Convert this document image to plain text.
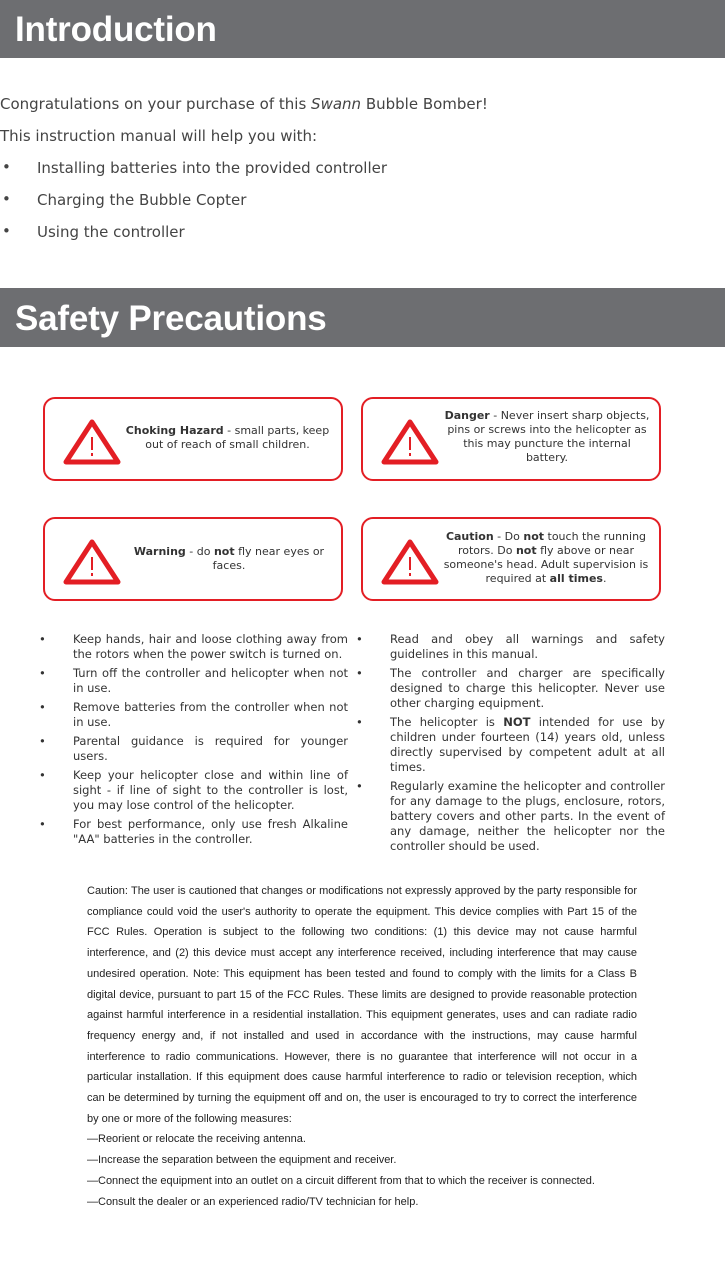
Introduction
Congratulations on your purchase of this Swann Bubble Bomber!
This instruction manual will help you with:
• Installing batteries into the provided controller
• Charging the Bubble Copter
• Using the controller
Safety Precautions
Choking Hazard - small parts, keep out of reach of small children.
Danger - Never insert sharp objects, pins or screws into the helicopter as this may puncture the internal battery.
Warning - do not fly near eyes or faces.
Caution - Do not touch the running rotors. Do not fly above or near someone's head. Adult supervision is required at all times.
• Keep hands, hair and loose clothing away from the rotors when the power switch is turned on.
• Turn off the controller and helicopter when not in use.
• Remove batteries from the controller when not in use.
• Parental guidance is required for younger users.
• Keep your helicopter close and within line of sight - if line of sight to the controller is lost, you may lose control of the helicopter.
• For best performance, only use fresh Alkaline "AA" batteries in the controller.
• Read and obey all warnings and safety guidelines in this manual.
• The controller and charger are specifically designed to charge this helicopter. Never use other charging equipment.
• The helicopter is NOT intended for use by children under fourteen (14) years old, unless directly supervised by competent adult at all times.
• Regularly examine the helicopter and controller for any damage to the plugs, enclosure, rotors, battery covers and other parts. In the event of any damage, neither the helicopter nor the controller should be used.

Caution: The user is cautioned that changes or modifications not expressly approved by the party responsible for compliance could void the user's authority to operate the equipment. This device complies with Part 15 of the FCC Rules. Operation is subject to the following two conditions: (1) this device may not cause harmful interference, and (2) this device must accept any interference received, including interference that may cause undesired operation. Note: This equipment has been tested and found to comply with the limits for a Class B digital device, pursuant to part 15 of the FCC Rules. These limits are designed to provide reasonable protection against harmful interference in a residential installation. This equipment generates, uses and can radiate radio frequency energy and, if not installed and used in accordance with the instructions, may cause harmful interference to radio communications. However, there is no guarantee that interference will not occur in a particular installation. If this equipment does cause harmful interference to radio or television reception, which can be determined by turning the equipment off and on, the user is encouraged to try to correct the interference by one or more of the following measures:

—Reorient or relocate the receiving antenna.
—Increase the separation between the equipment and receiver.

—Connect the equipment into an outlet on a circuit different from that to which the receiver is connected.

—Consult the dealer or an experienced radio/TV technician for help.
